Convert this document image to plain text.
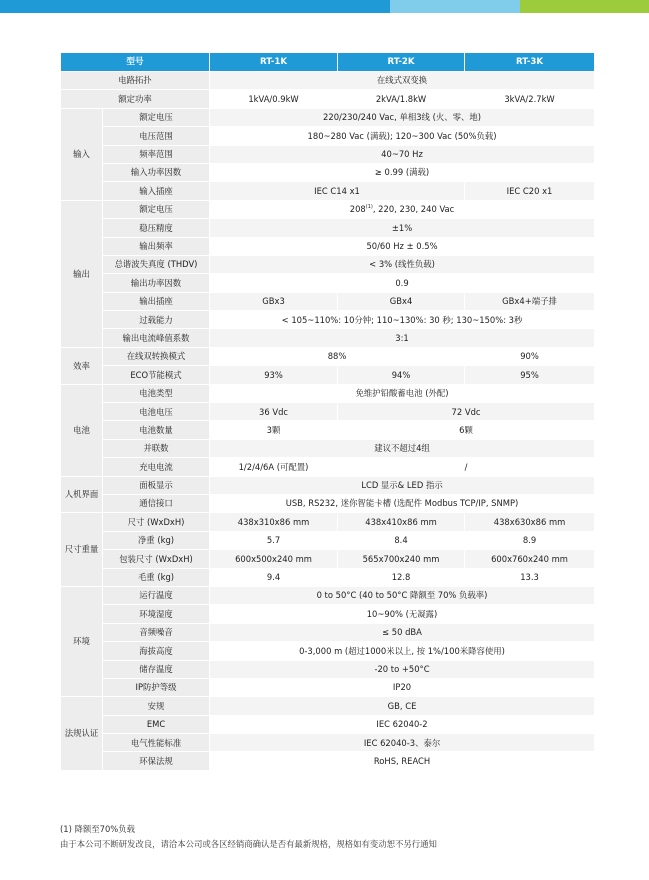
型号		RT-1K	RT-2K	RT-3K
电路拓扑		在线式双变换		
额定功率		1kVA/0.9kW	2kVA/1.8kW	3kVA/2.7kW
输入	额定电压	220/230/240 Vac, 单相3线 (火、零、地)		
	电压范围	180~280 Vac (满载); 120~300 Vac (50%负载)		
	频率范围	40~70 Hz		
	输入功率因数	≥ 0.99 (满载)		
	输入插座	IEC C14 x1		IEC C20 x1
输出	额定电压	208$^{(1)}$, 220, 230, 240 Vac		
	稳压精度	±1%		
	输出频率	50/60 Hz ± 0.5%		
	总谐波失真度 (THDV)	< 3% (线性负载)		
	输出功率因数	0.9		
	输出插座	GBx3	GBx4	GBx4+端子排
	过载能力	< 105~110%: 10分钟; 110~130%: 30 秒; 130~150%: 3秒		
	输出电流峰值系数	3:1		
效率	在线双转换模式	88%		90%
	ECO节能模式	93%	94%	95%
电池	电池类型	免维护铅酸蓄电池 (外配)		
	电池电压	36 Vdc	72 Vdc	
	电池数量	3颗	6颗	
	并联数	建议不超过4组		
	充电电流	1/2/4/6A (可配置)	/	
人机界面	面板显示	LCD 显示& LED 指示		
	通信接口	USB, RS232, 迷你智能卡槽 (选配件 Modbus TCP/IP, SNMP)		
尺寸重量	尺寸 (WxDxH)	438x310x86 mm	438x410x86 mm	438x630x86 mm
	净重 (kg)	5.7	8.4	8.9
	包装尺寸 (WxDxH)	600x500x240 mm	565x700x240 mm	600x760x240 mm
	毛重 (kg)	9.4	12.8	13.3
环境	运行温度	0 to 50°C (40 to 50°C 降额至 70% 负载率)		
	环境湿度	10~90% (无凝露)		
	音频噪音	≤ 50 dBA		
	海拔高度	0-3,000 m (超过1000米以上, 按 1%/100米降容使用)		
	储存温度	-20 to +50°C		
	IP防护等级	IP20		
法规认证	安规	GB, CE		
	EMC	IEC 62040-2		
	电气性能标准	IEC 62040-3、泰尔		
	环保法规	RoHS, REACH		
(1) 降额至70%负载
由于本公司不断研发改良，请洽本公司或各区经销商确认是否有最新规格，规格如有变动恕不另行通知
